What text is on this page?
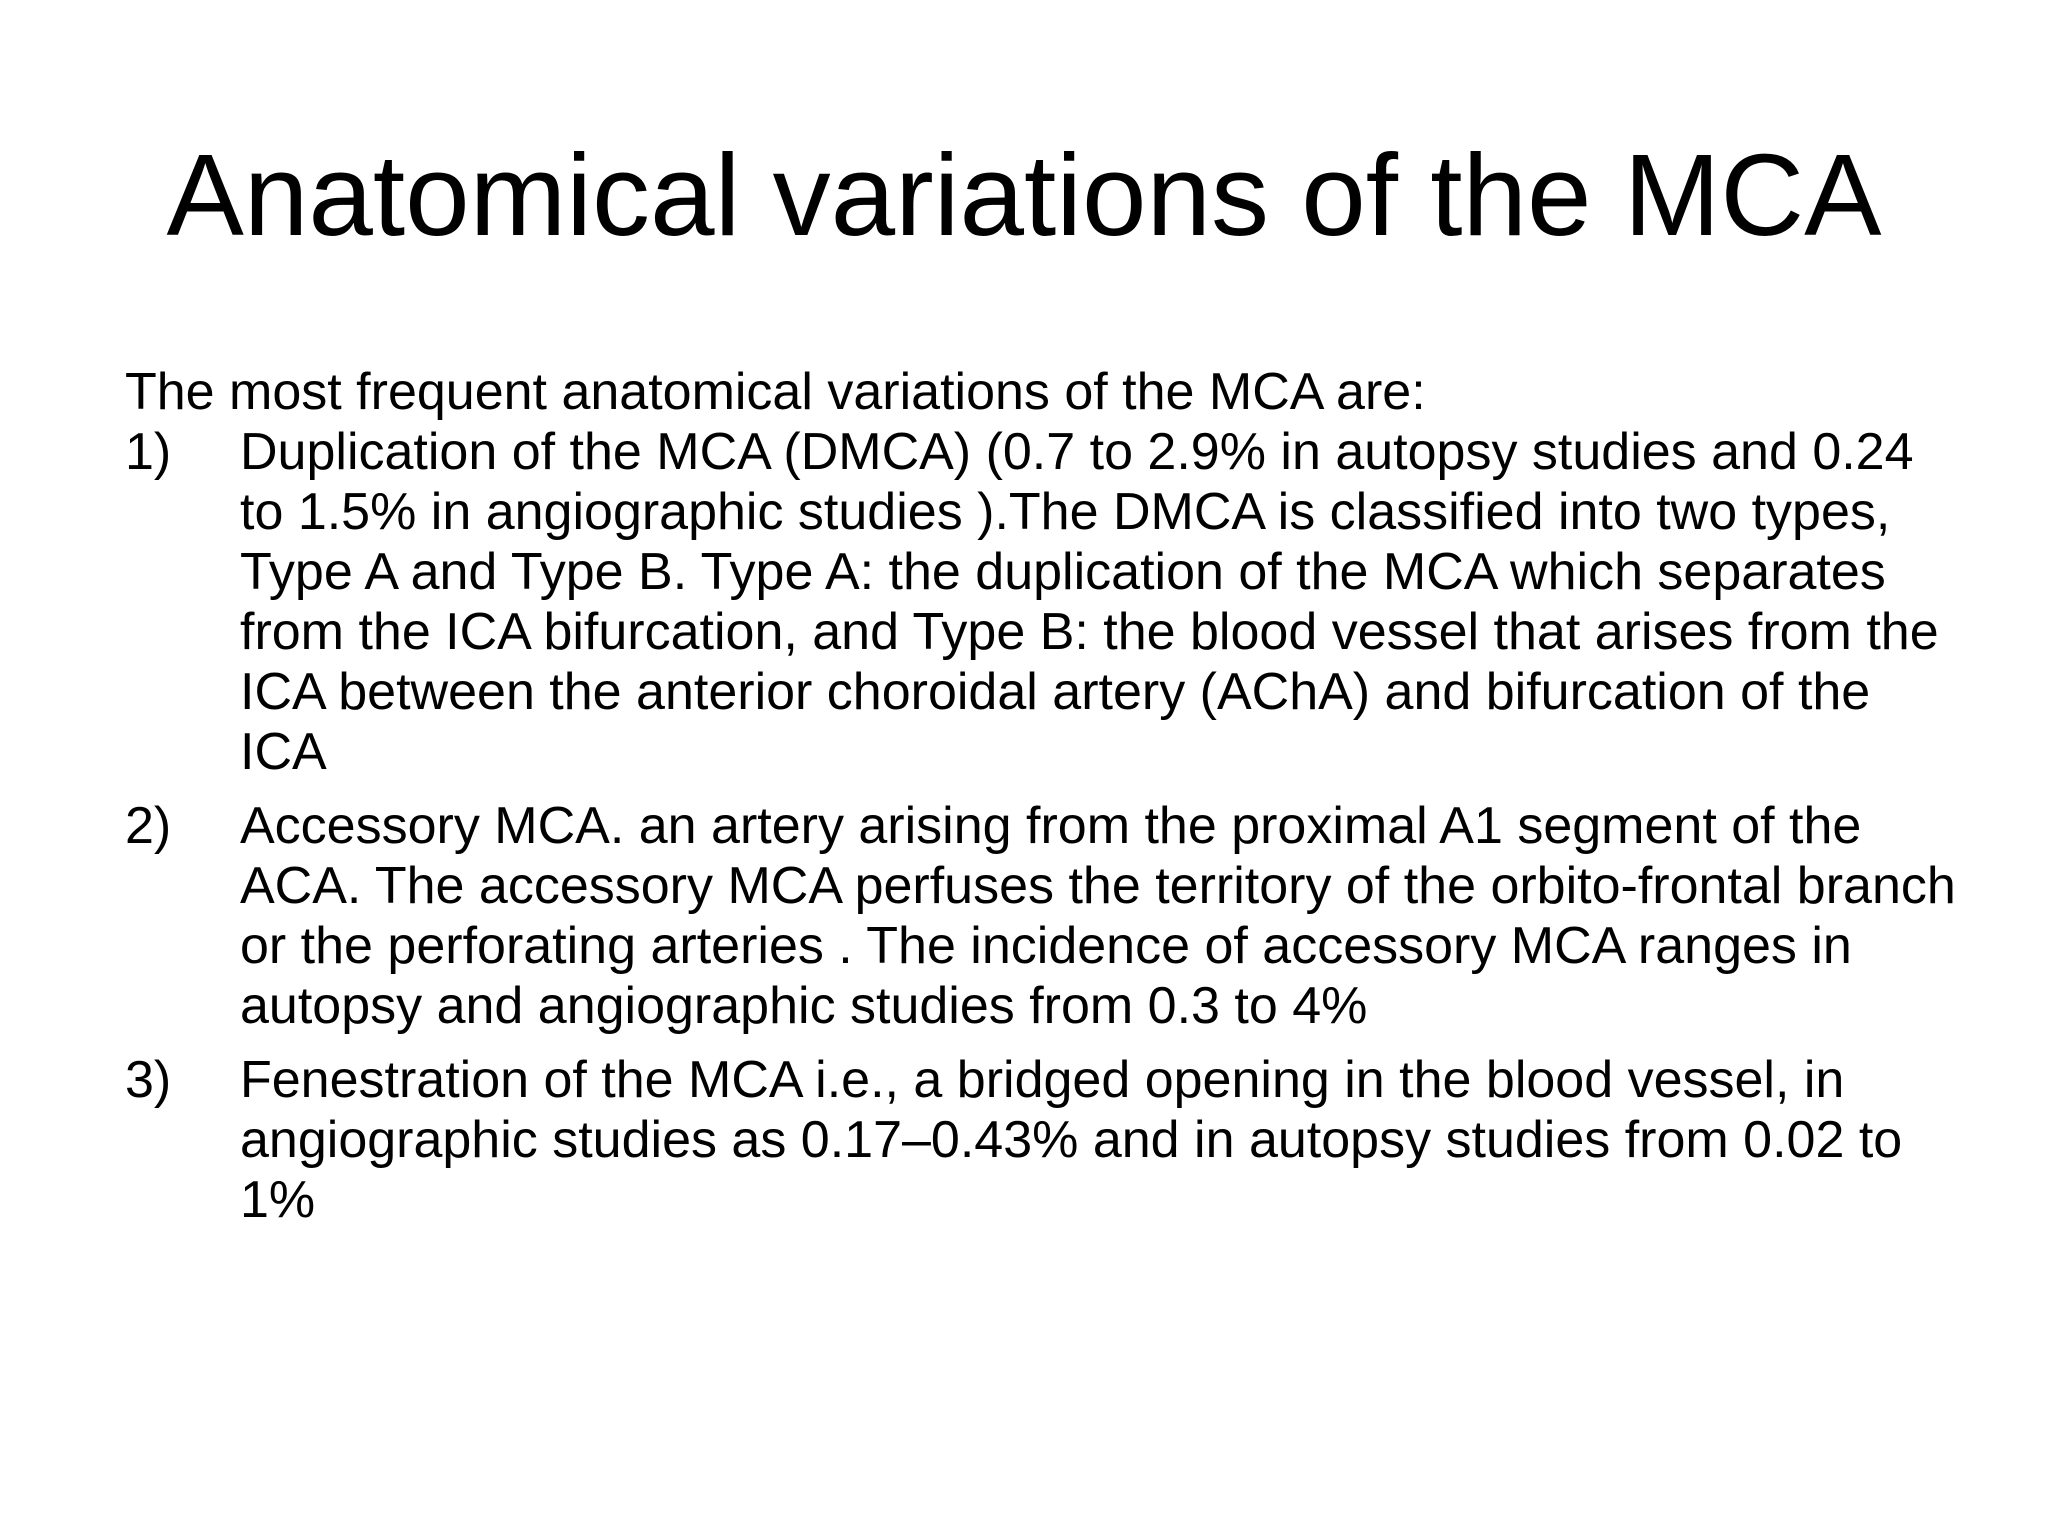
Anatomical variations of the MCA

The most frequent anatomical variations of the MCA are:

1) Duplication of the MCA (DMCA) (0.7 to 2.9% in autopsy studies and 0.24 to 1.5% in angiographic studies ).The DMCA is classified into two types, Type A and Type B. Type A: the duplication of the MCA which separates from the ICA bifurcation, and Type B: the blood vessel that arises from the ICA between the anterior choroidal artery (AChA) and bifurcation of the ICA
2) Accessory MCA. an artery arising from the proximal A1 segment of the ACA. The accessory MCA perfuses the territory of the orbito-frontal branch or the perforating arteries . The incidence of accessory MCA ranges in autopsy and angiographic studies from 0.3 to 4%
3) Fenestration of the MCA i.e., a bridged opening in the blood vessel, in angiographic studies as 0.17–0.43% and in autopsy studies from 0.02 to 1%
